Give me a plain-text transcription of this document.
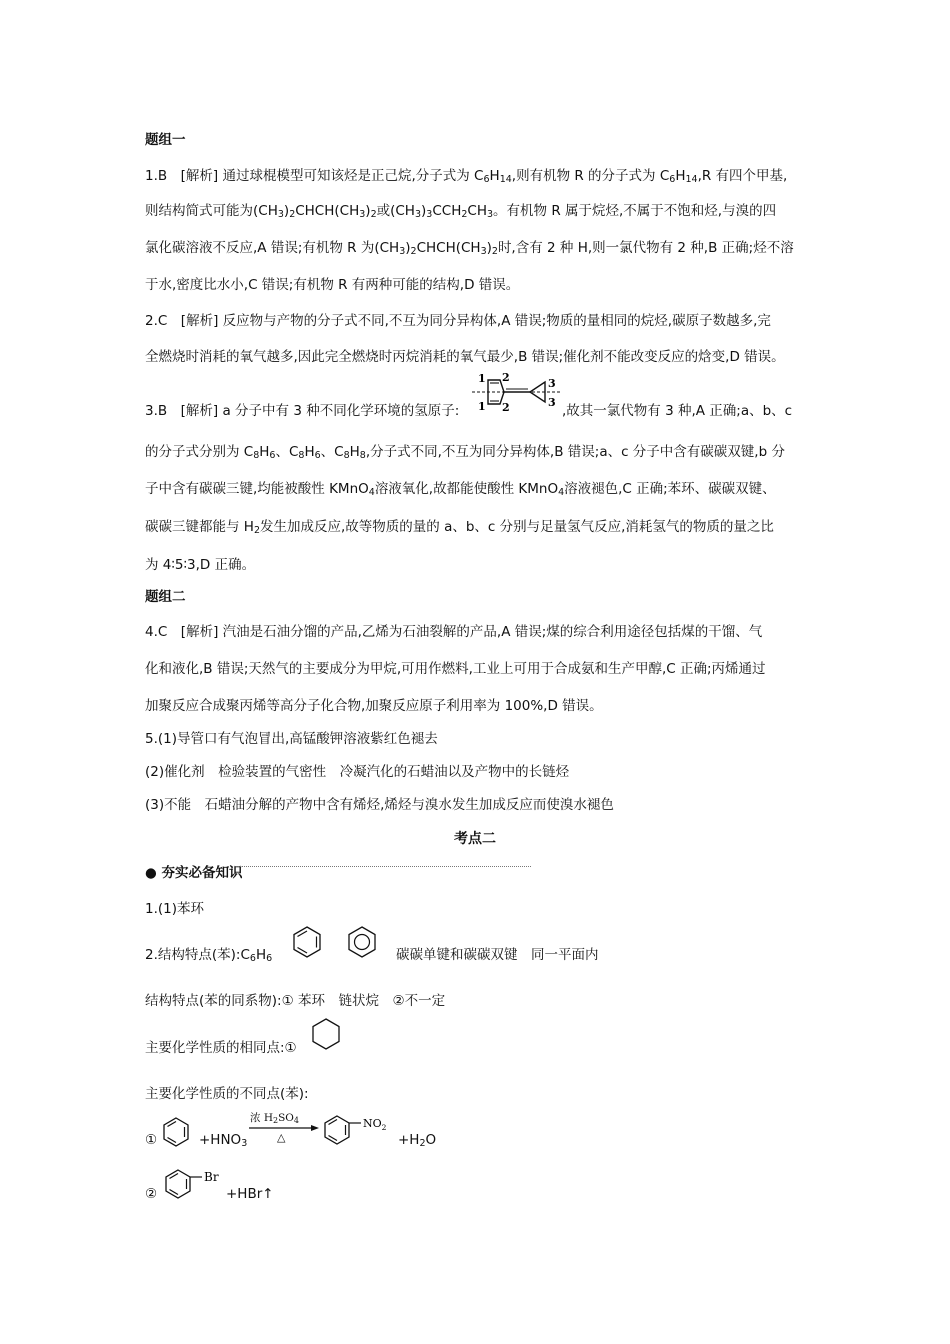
题组一
1.B　[解析] 通过球棍模型可知该烃是正己烷,分子式为 $C_6H_{14}$,则有机物 R 的分子式为 $C_6H_{14},R$ 有四个甲基,
则结构简式可能为$(CH_3)_2CHCH(CH_3)_2$或$(CH_3)_3CCH_2CH_3$。有机物 R 属于烷烃,不属于不饱和烃,与溴的四
氯化碳溶液不反应,A 错误;有机物 R 为$(CH_3)_2CHCH(CH_3)_2$时,含有 2 种 H,则一氯代物有 2 种,B 正确;烃不溶
于水,密度比水小,C 错误;有机物 R 有两种可能的结构,D 错误。
2.C　[解析] 反应物与产物的分子式不同,不互为同分异构体,A 错误;物质的量相同的烷烃,碳原子数越多,完
全燃烧时消耗的氧气越多,因此完全燃烧时丙烷消耗的氧气最少,B 错误;催化剂不能改变反应的焓变,D 错误。
3.B　[解析] a 分子中有 3 种不同化学环境的氢原子:
1
1
2
2
3
3
,故其一氯代物有 3 种,A 正确;a、b、c
的分子式分别为 $C_8H_6$、$C_8H_6$、$C_8H_8$,分子式不同,不互为同分异构体,B 错误;a、c 分子中含有碳碳双键,b 分
子中含有碳碳三键,均能被酸性 KMnO$_4$溶液氧化,故都能使酸性 KMnO$_4$溶液褪色,C 正确;苯环、碳碳双键、
碳碳三键都能与 $H_2$发生加成反应,故等物质的量的 a、b、c 分别与足量氢气反应,消耗氢气的物质的量之比
为 4∶5∶3,D 正确。
题组二
4.C　[解析] 汽油是石油分馏的产品,乙烯为石油裂解的产品,A 错误;煤的综合利用途径包括煤的干馏、气
化和液化,B 错误;天然气的主要成分为甲烷,可用作燃料,工业上可用于合成氨和生产甲醇,C 正确;丙烯通过
加聚反应合成聚丙烯等高分子化合物,加聚反应原子利用率为 100%,D 错误。
5.(1)导管口有气泡冒出,高锰酸钾溶液紫红色褪去
(2)催化剂　检验装置的气密性　冷凝汽化的石蜡油以及产物中的长链烃
(3)不能　石蜡油分解的产物中含有烯烃,烯烃与溴水发生加成反应而使溴水褪色
考点二
● 夯实必备知识
1.(1)苯环
2.结构特点(苯)$:C_6H_6$	碳碳单键和碳碳双键　同一平面内
结构特点(苯的同系物):① 苯环　链状烷　②不一定
主要化学性质的相同点:①
主要化学性质的不同点(苯):
①	$+HNO_3$
浓 H2SO4
△
$NO_2$
$+H_2O$
②
Br
+HBr↑
